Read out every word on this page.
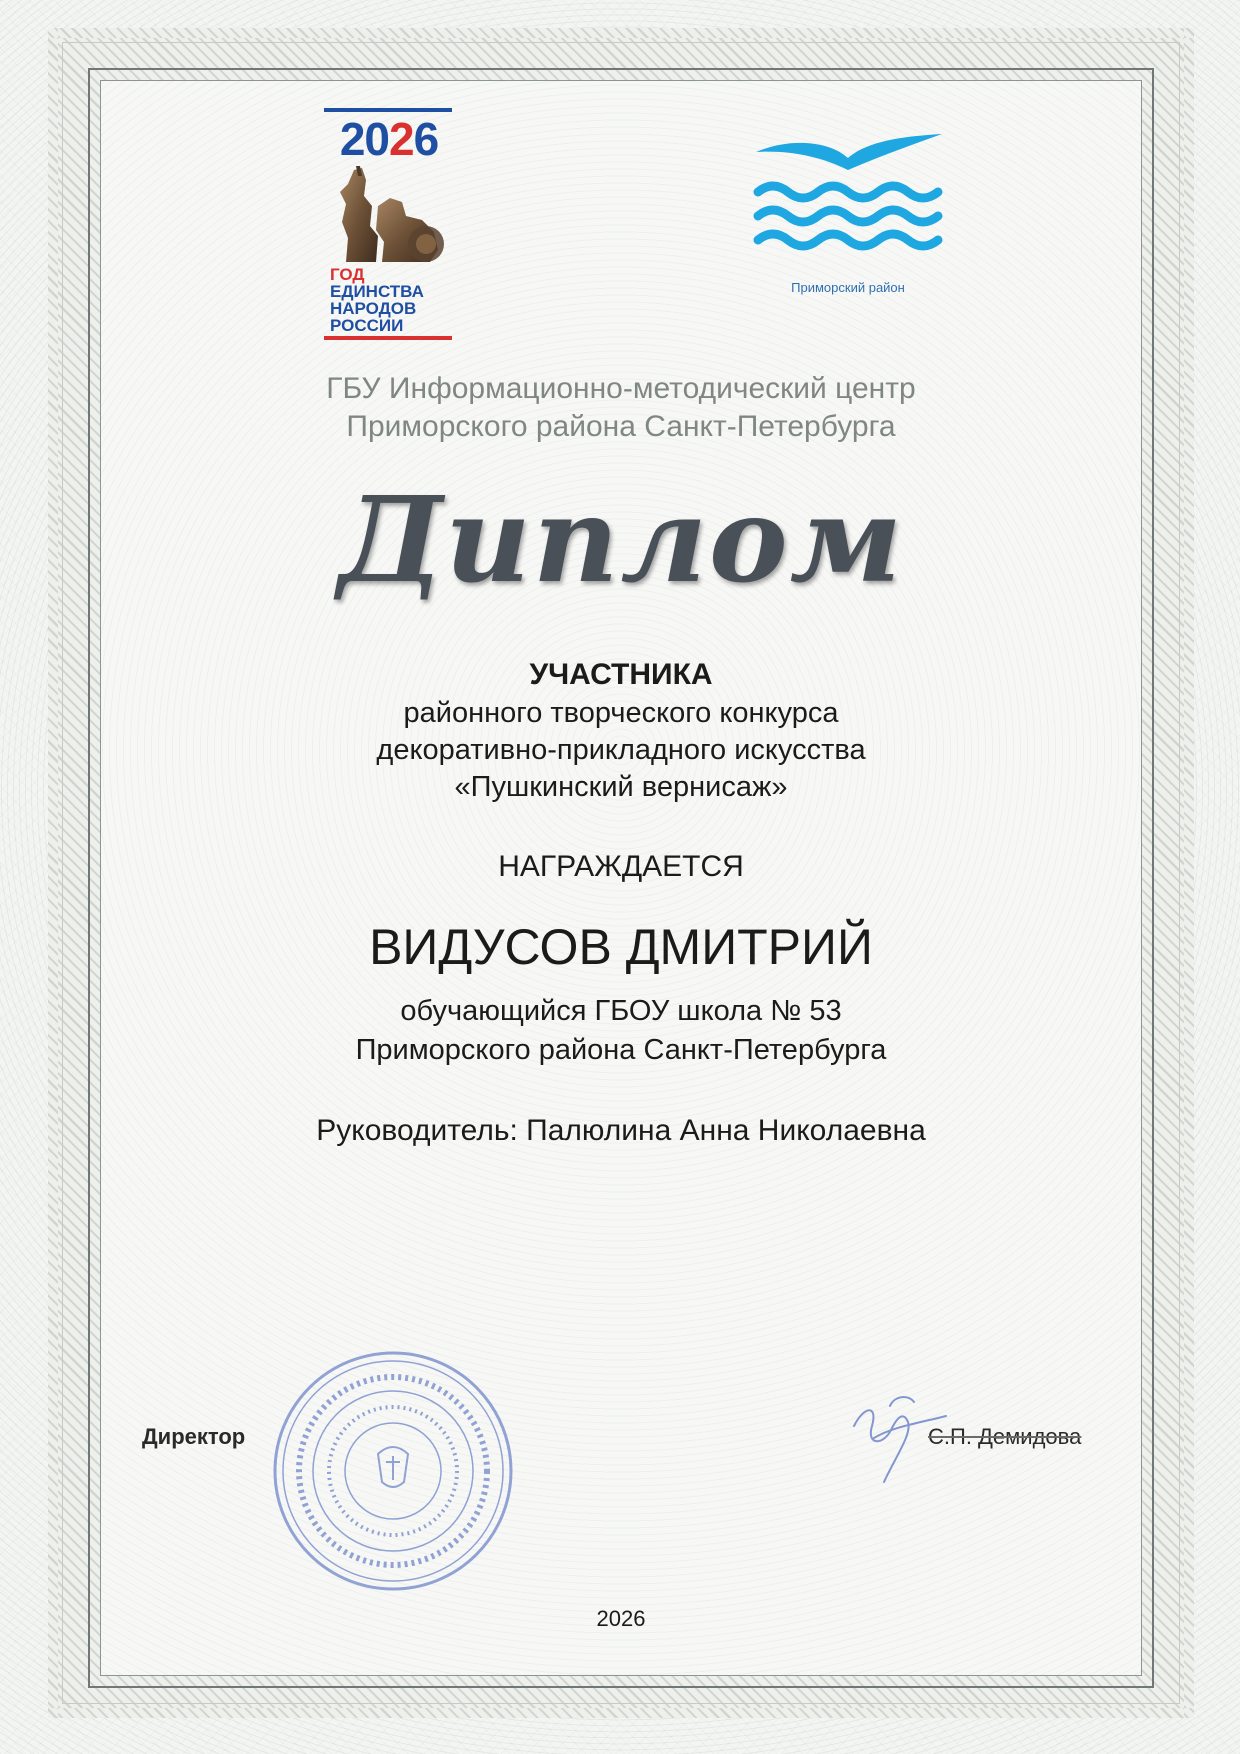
2026
ГОД
ЕДИНСТВА
НАРОДОВ
РОССИИ
Приморский район
ГБУ Информационно-методический центр
Приморского района Санкт-Петербурга
Диплом
УЧАСТНИКА
районного творческого конкурса
декоративно-прикладного искусства
«Пушкинский вернисаж»
НАГРАЖДАЕТСЯ
ВИДУСОВ ДМИТРИЙ
обучающийся ГБОУ школа № 53
Приморского района Санкт-Петербурга
Руководитель: Палюлина Анна Николаевна
Директор	С.П. Демидова
2026
